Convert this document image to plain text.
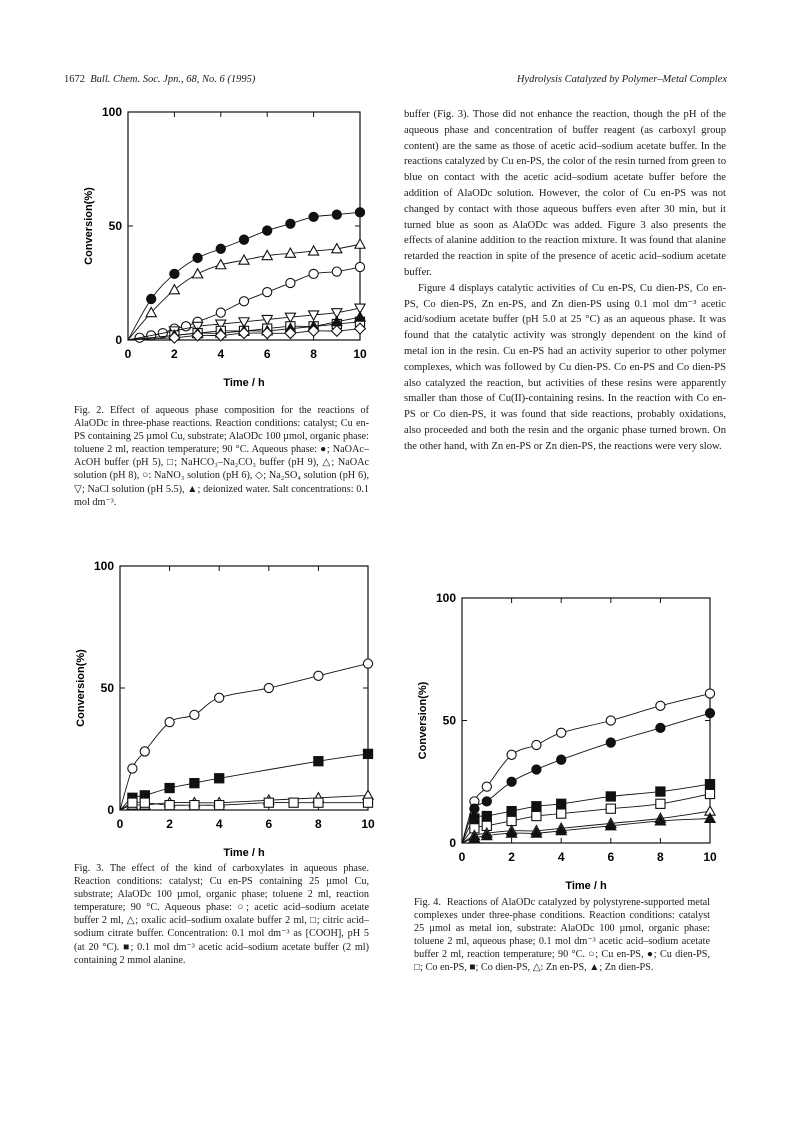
1672 Bull. Chem. Soc. Jpn., 68, No. 6 (1995)	Hydrolysis Catalyzed by Polymer–Metal Complex
0	2	4	6	8	10
0
50
100
Time / h
Conversion(%)
0	2	4	6	8	10
0
50
100
Time / h
Conversion(%)
0	2	4	6	8	10
0
50
100
Time / h
Conversion(%)
Fig. 2. Effect of aqueous phase composition for the reactions of AlaODc in three-phase reactions. Reaction conditions: catalyst; Cu en-PS containing 25 µmol Cu, substrate; AlaODc 100 µmol, organic phase: toluene 2 ml, reaction temperature; 90 °C. Aqueous phase: ●; NaOAc–AcOH buffer (pH 5), □; NaHCO₃–Na₂CO₃ buffer (pH 9), △; NaOAc solution (pH 8), ○: NaNO₃ solution (pH 6), ◇; Na₂SO₄ solution (pH 6), ▽; NaCl solution (pH 5.5), ▲; deionized water. Salt concentrations: 0.1 mol dm⁻³.
Fig. 3. The effect of the kind of carboxylates in aqueous phase. Reaction conditions: catalyst; Cu en-PS containing 25 µmol Cu, substrate; AlaODc 100 µmol, organic phase; toluene 2 ml, reaction temperature; 90 °C. Aqueous phase: ○; acetic acid–sodium acetate buffer 2 ml, △; oxalic acid–sodium oxalate buffer 2 ml, □; citric acid–sodium citrate buffer. Concentration: 0.1 mol dm⁻³ as [COOH], pH 5 (at 20 °C). ■; 0.1 mol dm⁻³ acetic acid–sodium acetate buffer (2 ml) containing 2 mmol alanine.
Fig. 4. Reactions of AlaODc catalyzed by polystyrene-supported metal complexes under three-phase conditions. Reaction conditions: catalyst 25 µmol as metal ion, substrate: AlaODc 100 µmol, organic phase: toluene 2 ml, aqueous phase; 0.1 mol dm⁻³ acetic acid–sodium acetate buffer 2 ml, reaction temperature; 90 °C. ○; Cu en-PS, ●; Cu dien-PS, □; Co en-PS, ■; Co dien-PS, △: Zn en-PS, ▲; Zn dien-PS.

buffer (Fig. 3). Those did not enhance the reaction, though the pH of the aqueous phase and concentration of buffer reagent (as carboxyl group content) are the same as those of acetic acid–sodium acetate buffer. In the reactions catalyzed by Cu en-PS, the color of the resin turned from green to blue on contact with the acetic acid–sodium acetate buffer before the addition of AlaODc solution. However, the color of Cu en-PS was not changed by contact with those aqueous buffers even after 30 min, but it turned blue as soon as AlaODc was added. Figure 3 also presents the effects of alanine addition to the reaction mixture. It was found that alanine retarded the reaction in spite of the presence of acetic acid–sodium acetate buffer.

Figure 4 displays catalytic activities of Cu en-PS, Cu dien-PS, Co en-PS, Co dien-PS, Zn en-PS, and Zn dien-PS using 0.1 mol dm⁻³ acetic acid/sodium acetate buffer (pH 5.0 at 25 °C) as an aqueous phase. It was found that the catalytic activity was strongly dependent on the kind of metal ion in the resin. Cu en-PS had an activity superior to other polymer complexes, which was followed by Cu dien-PS. Co en-PS and Co dien-PS also catalyzed the reaction, but activities of these resins were apparently smaller than those of Cu(II)-containing resins. In the reaction with Co en-PS or Co dien-PS, it was found that side reactions, probably oxidations, also proceeded and both the resin and the organic phase turned brown. On the other hand, with Zn en-PS or Zn dien-PS, the reactions were very slow.
